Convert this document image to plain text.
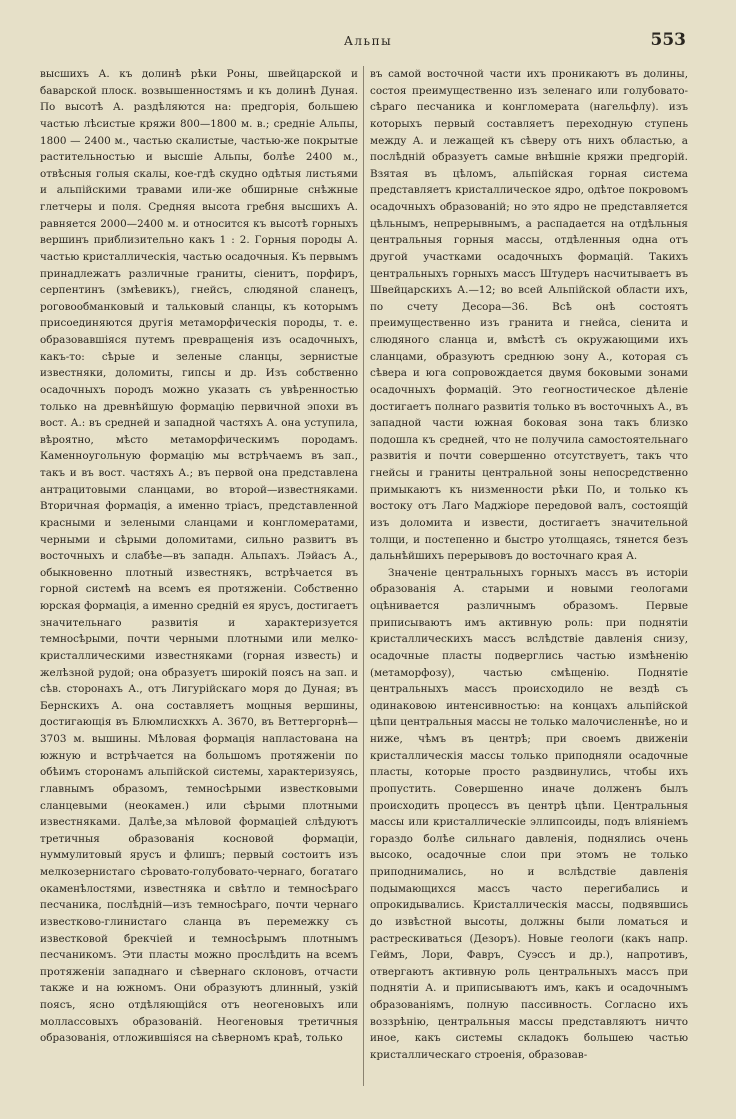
Альпы	553

высшихъ А. къ долинѣ рѣки Роны, швейцарской и баварской плоск. возвышенностямъ и къ долинѣ Дуная. По высотѣ А. раздѣляются на: предгорія, большею частью лѣсистые кряжи 800—1800 м. в.; средніе Альпы, 1800 — 2400 м., частью скалистые, частью-же покрытые растительностью и высшіе Альпы, болѣе 2400 м., отвѣсныя голыя скалы, кое-гдѣ скудно одѣтыя листьями и альпійскими травами или-же обширные снѣжные глетчеры и поля. Средняя высота гребня высшихъ А. равняется 2000—2400 м. и относится къ высотѣ горныхъ вершинъ приблизительно какъ 1 : 2. Горныя породы А. частью кристаллическія, частью осадочныя. Къ первымъ принадлежатъ различные граниты, сіенитъ, порфиръ, серпентинъ (змѣевикъ), гнейсъ, слюдяной сланецъ, роговообманковый и тальковый сланцы, къ которымъ присоединяются другія метаморфическія породы, т. е. образовавшіяся путемъ превращенія изъ осадочныхъ, какъ-то: сѣрые и зеленые сланцы, зернистые известняки, доломиты, гипсы и др. Изъ собственно осадочныхъ породъ можно указать съ увѣренностью только на древнѣйшую формацію первичной эпохи въ вост. А.: въ средней и западной частяхъ А. она уступила, вѣроятно, мѣсто метаморфическимъ породамъ. Каменноугольную формацію мы встрѣчаемъ въ зап., такъ и въ вост. частяхъ А.; въ первой она представлена антрацитовыми сланцами, во второй—известняками. Вторичная формація, а именно тріасъ, представленной красными и зелеными сланцами и конгломератами, черными и сѣрыми доломитами, сильно развитъ въ восточныхъ и слабѣе—въ западн. Альпахъ. Лэйасъ А., обыкновенно плотный известнякъ, встрѣчается въ горной системѣ на всемъ ея протяженіи. Собственно юрская формація, а именно средній ея ярусъ, достигаетъ значительнаго развитія и характеризуется темносѣрыми, почти черными плотными или мелко-кристаллическими известняками (горная известь) и желѣзной рудой; она образуетъ широкій поясъ на зап. и сѣв. сторонахъ А., отъ Лигурійскаго моря до Дуная; въ Бернскихъ А. она составляетъ мощныя вершины, достигающія въ Блюмлисхкхъ А. 3670, въ Веттергорнѣ—3703 м. вышины. Мѣловая формація наплаcтована на южную и встрѣчается на большомъ протяженіи по обѣимъ сторонамъ альпійской системы, характеризуясь, главнымъ образомъ, темносѣрыми известковыми сланцевыми (неокамен.) или сѣрыми плотными известняками. Далѣе,за мѣловой формаціей слѣдуютъ третичныя образованія косновой формаціи, нуммулитовый ярусъ и флишъ; первый состоитъ изъ мелкозернистаго сѣровато-голубовато-чернаго, богатаго окаменѣлостями, известняка и свѣтло и темносѣраго песчаника, послѣдній—изъ темносѣраго, почти чернаго известково-глинистаго сланца въ перемежку съ известковой брекчіей и темносѣрымъ плотнымъ песчаникомъ. Эти пласты можно прослѣдить на всемъ протяженіи западнаго и сѣвернаго склоновъ, отчасти также и на южномъ. Они образуютъ длинный, узкій поясъ, ясно отдѣляющійся отъ неогеновыхъ или моллассовыхъ образованій. Неогеновыя третичныя образованія, отложившіяся на сѣверномъ краѣ, только

въ самой восточной части ихъ проникаютъ въ долины, состоя преимущественно изъ зеленаго или голубовато-сѣраго песчаника и конгломерата (нагельфлу). изъ которыхъ первый составляетъ переходную ступень между А. и лежащей къ сѣверу отъ нихъ областью, а послѣдній образуетъ самые внѣшніе кряжи предгорій. Взятая въ цѣломъ, альпійская горная система представляетъ кристаллическое ядро, одѣтое покровомъ осадочныхъ образованій; но это ядро не представляется цѣльнымъ, непрерывнымъ, а распадается на отдѣльныя центральныя горныя массы, отдѣленныя одна отъ другой участками осадочныхъ формацій. Такихъ центральныхъ горныхъ массъ Штудеръ насчитываетъ въ Швейцарскихъ А.—12; во всей Альпійской области ихъ, по счету Десора—36. Всѣ онѣ состоятъ преимущественно изъ гранита и гнейса, сіенита и слюдяного сланца и, вмѣстѣ съ окружающими ихъ сланцами, образуютъ среднюю зону А., которая съ сѣвера и юга сопровождается двумя боковыми зонами осадочныхъ формацій. Это геогностическое дѣленіе достигаетъ полнаго развитія только въ восточныхъ А., въ западной части южная боковая зона такъ близко подошла къ средней, что не получила самостоятельнаго развитія и почти совершенно отсутствуетъ, такъ что гнейсы и граниты центральной зоны непосредственно примыкаютъ къ низменности рѣки По, и только къ востоку отъ Лаго Маджіоре передовой валъ, состоящій изъ доломита и извести, достигаетъ значительной толщи, и постепенно и быстро утолщаясь, тянется безъ дальнѣйшихъ перерывовъ до восточнаго края А.

Значеніе центральныхъ горныхъ массъ въ исторіи образованія А. старыми и новыми геологами оцѣнивается различнымъ образомъ. Первые приписываютъ имъ активную роль: при поднятіи кристаллическихъ массъ вслѣдствіе давленія снизу, осадочные пласты подверглись частью измѣненію (метаморфозу), частью смѣщенію. Поднятіе центральныхъ массъ происходило не вездѣ съ одинаковою интенсивностью: на концахъ альпійской цѣпи центральныя массы не только малочисленнѣе, но и ниже, чѣмъ въ центрѣ; при своемъ движеніи кристаллическія массы только приподняли осадочные пласты, которые просто раздвинулись, чтобы ихъ пропустить. Совершенно иначе долженъ былъ происходить процессъ въ центрѣ цѣпи. Центральныя массы или кристаллическіе эллипсоиды, подъ вліяніемъ гораздо болѣе сильнаго давленія, поднялись очень высоко, осадочные слои при этомъ не только приподнимались, но и вслѣдствіе давленія подымающихся массъ часто перегибались и опрокидывались. Кристаллическія массы, подвявшись до извѣстной высоты, должны были ломаться и растрескиваться (Дезоръ). Новые геологи (какъ напр. Геймъ, Лори, Фавръ, Суэссъ и др.), напротивъ, отвергаютъ активную роль центральныхъ массъ при поднятіи А. и приписываютъ имъ, какъ и осадочнымъ образованіямъ, полную пассивность. Согласно ихъ воззрѣнію, центральныя массы представляютъ ничто иное, какъ системы складокъ большею частью кристаллическаго строенія, образовав-
